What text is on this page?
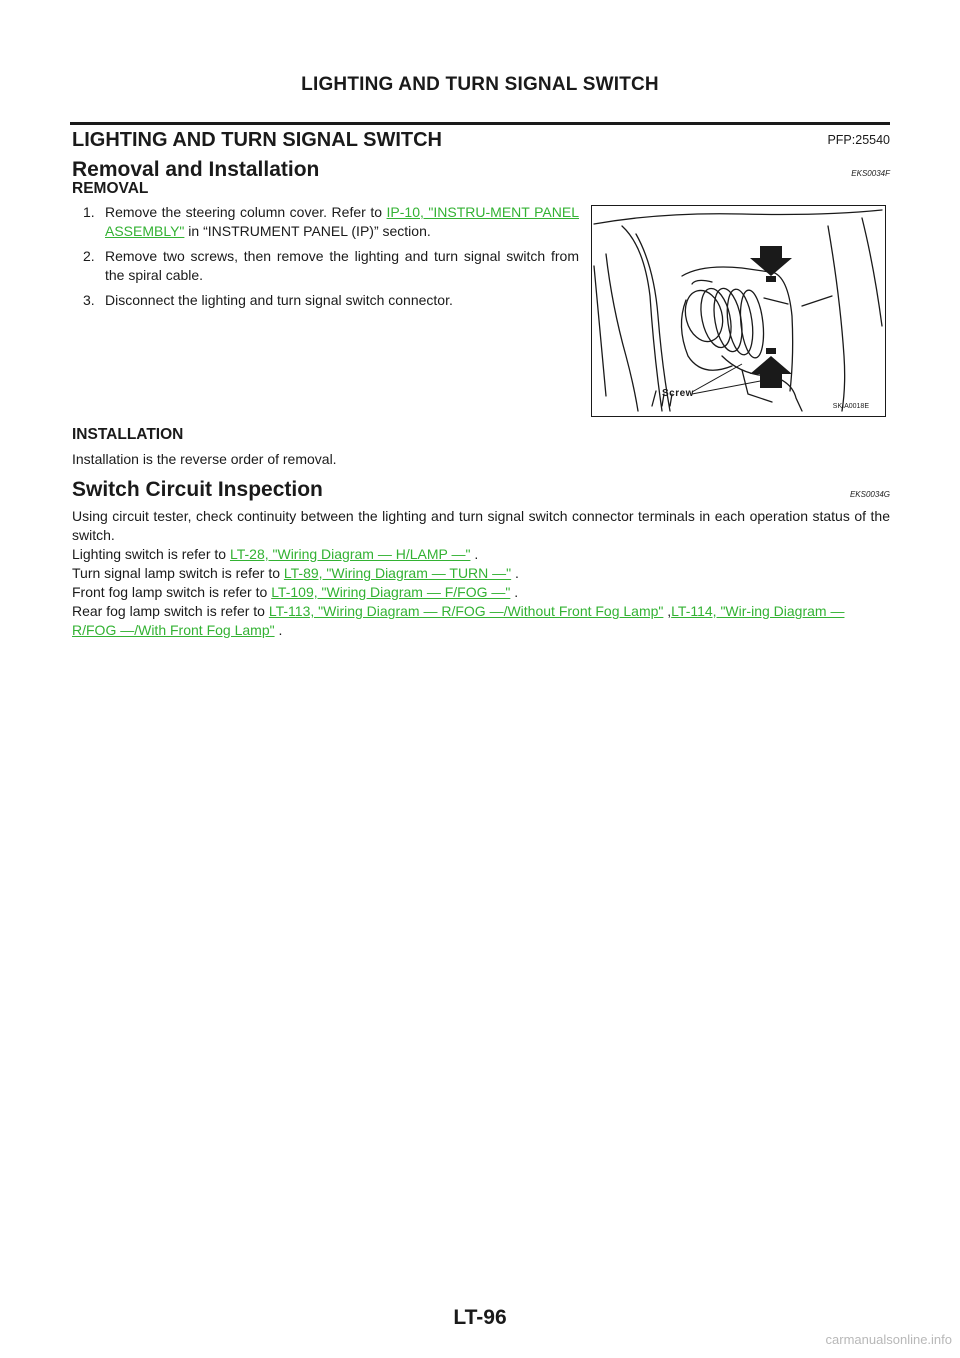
LIGHTING AND TURN SIGNAL SWITCH
LIGHTING AND TURN SIGNAL SWITCH	PFP:25540
Removal and Installation	EKS0034F
REMOVAL
1. Remove the steering column cover. Refer to IP-10, "INSTRU-MENT PANEL ASSEMBLY" in “INSTRUMENT PANEL (IP)” section.
2. Remove two screws, then remove the lighting and turn signal switch from the spiral cable.
3. Disconnect the lighting and turn signal switch connector.
Screw
SKIA0018E
INSTALLATION
Installation is the reverse order of removal.
Switch Circuit Inspection	EKS0034G
Using circuit tester, check continuity between the lighting and turn signal switch connector terminals in each operation status of the switch.
Lighting switch is refer to LT-28, "Wiring Diagram — H/LAMP —" .
Turn signal lamp switch is refer to LT-89, "Wiring Diagram — TURN —" .
Front fog lamp switch is refer to LT-109, "Wiring Diagram — F/FOG —" .
Rear fog lamp switch is refer to LT-113, "Wiring Diagram — R/FOG —/Without Front Fog Lamp" ,LT-114, "Wir-ing Diagram — R/FOG —/With Front Fog Lamp" .
LT-96
carmanualsonline.info
